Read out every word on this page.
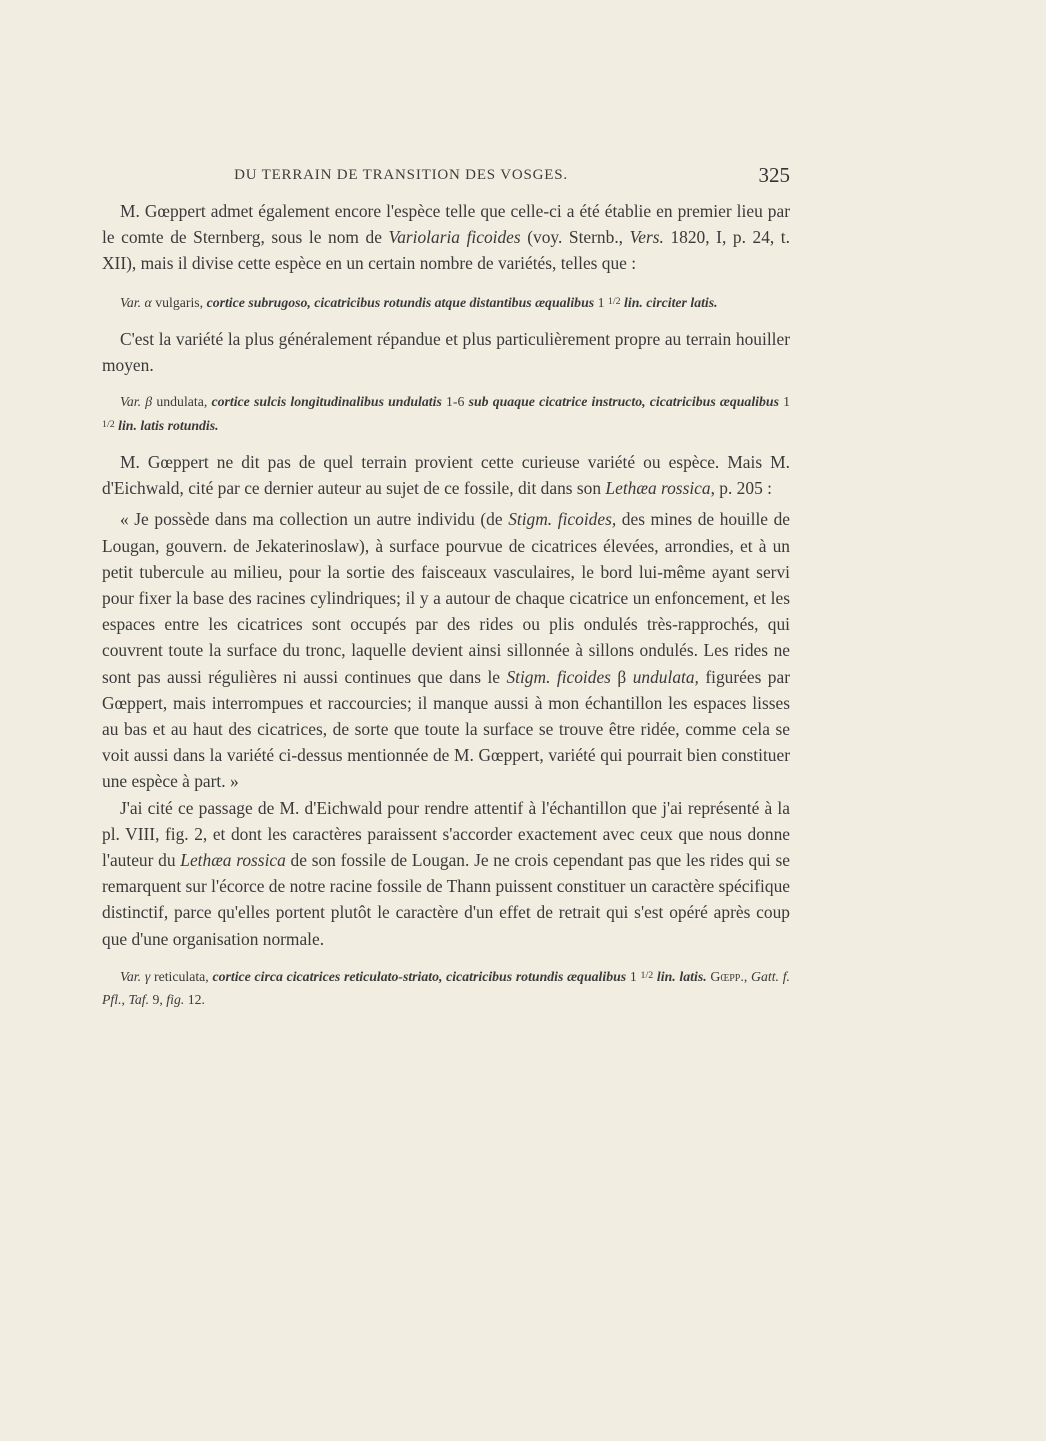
DU TERRAIN DE TRANSITION DES VOSGES.	325

M. Gœppert admet également encore l'espèce telle que celle-ci a été établie en premier lieu par le comte de Sternberg, sous le nom de Variolaria ficoides (voy. Sternb., Vers. 1820, I, p. 24, t. XII), mais il divise cette espèce en un certain nombre de variétés, telles que :

Var. α vulgaris, cortice subrugoso, cicatricibus rotundis atque distantibus æqualibus 1 $^{1/2}$ lin. circiter latis.

C'est la variété la plus généralement répandue et plus particulièrement propre au terrain houiller moyen.

Var. β undulata, cortice sulcis longitudinalibus undulatis 1-6 sub quaque cicatrice instructo, cicatricibus æqualibus 1 $^{1/2}$ lin. latis rotundis.

M. Gœppert ne dit pas de quel terrain provient cette curieuse variété ou espèce. Mais M. d'Eichwald, cité par ce dernier auteur au sujet de ce fossile, dit dans son Lethæa rossica, p. 205 :

« Je possède dans ma collection un autre individu (de Stigm. ficoides, des mines de houille de Lougan, gouvern. de Jekaterinoslaw), à surface pourvue de cicatrices élevées, arrondies, et à un petit tubercule au milieu, pour la sortie des faisceaux vasculaires, le bord lui-même ayant servi pour fixer la base des racines cylindriques; il y a autour de chaque cicatrice un enfoncement, et les espaces entre les cicatrices sont occupés par des rides ou plis ondulés très-rapprochés, qui couvrent toute la surface du tronc, laquelle devient ainsi sillonnée à sillons ondulés. Les rides ne sont pas aussi régulières ni aussi continues que dans le Stigm. ficoides β undulata, figurées par Gœppert, mais interrompues et raccourcies; il manque aussi à mon échantillon les espaces lisses au bas et au haut des cicatrices, de sorte que toute la surface se trouve être ridée, comme cela se voit aussi dans la variété ci-dessus mentionnée de M. Gœppert, variété qui pourrait bien constituer une espèce à part. »

J'ai cité ce passage de M. d'Eichwald pour rendre attentif à l'échantillon que j'ai représenté à la pl. VIII, fig. 2, et dont les caractères paraissent s'accorder exactement avec ceux que nous donne l'auteur du Lethæa rossica de son fossile de Lougan. Je ne crois cependant pas que les rides qui se remarquent sur l'écorce de notre racine fossile de Thann puissent constituer un caractère spécifique distinctif, parce qu'elles portent plutôt le caractère d'un effet de retrait qui s'est opéré après coup que d'une organisation normale.

Var. γ reticulata, cortice circa cicatrices reticulato-striato, cicatricibus rotundis æqualibus 1 $^{1/2}$ lin. latis. Gœpp., Gatt. f. Pfl., Taf. 9, fig. 12.
